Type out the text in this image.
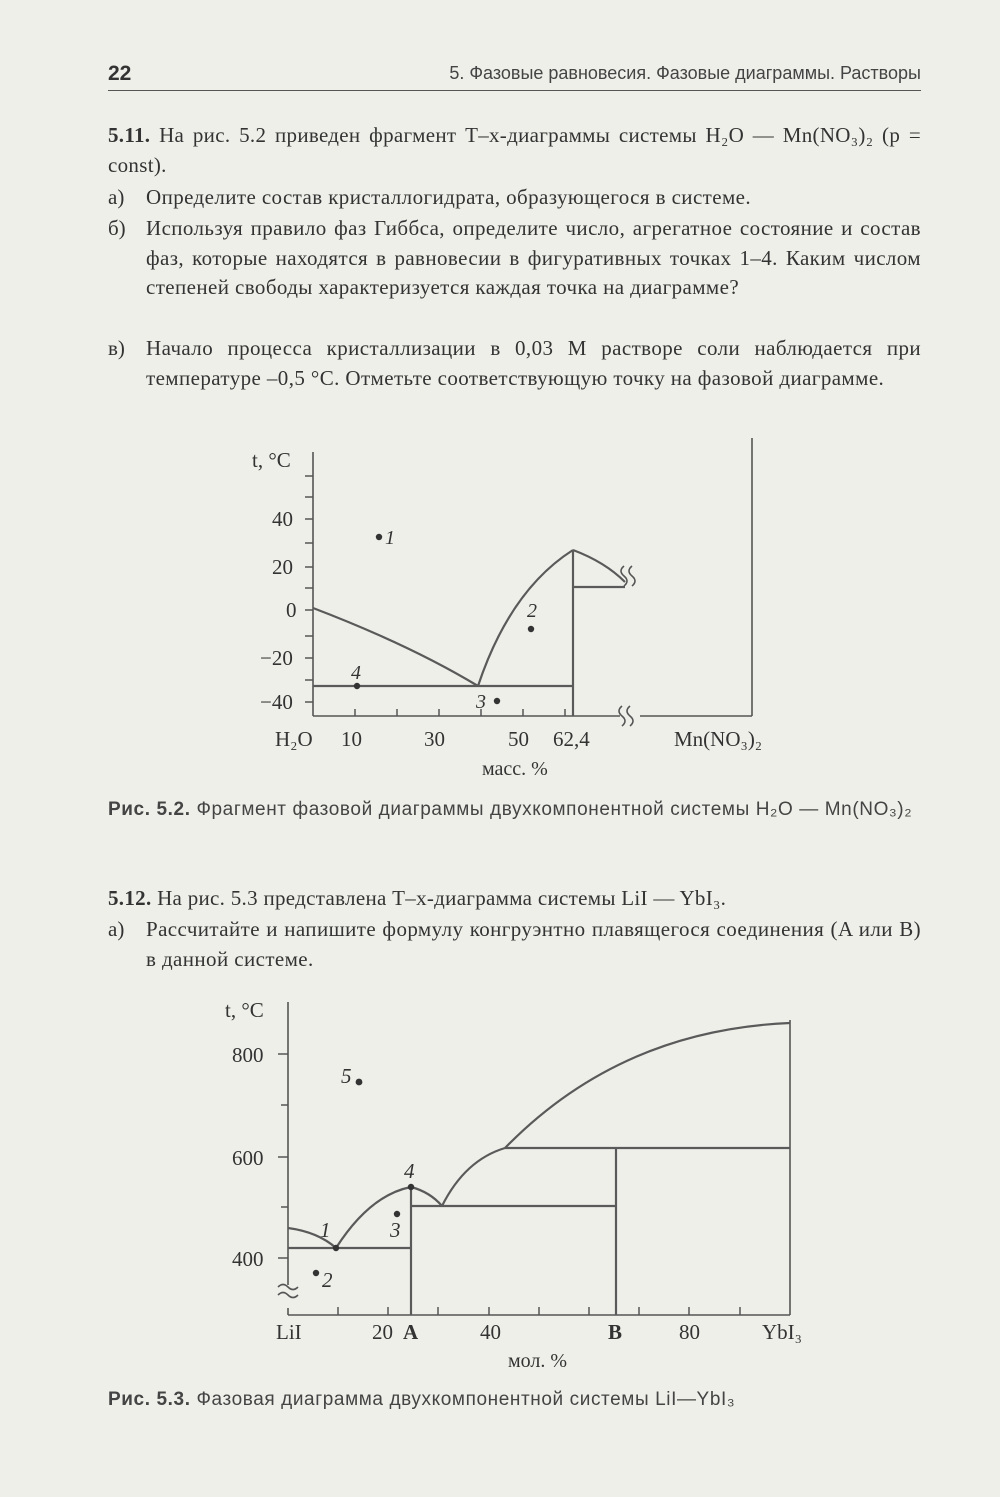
22	5. Фазовые равновесия. Фазовые диаграммы. Растворы
5.11. На рис. 5.2 приведен фрагмент T–x-диаграммы системы H₂O — Mn(NO₃)₂ (p = const).
а) Определите состав кристаллогидрата, образующегося в системе.
б) Используя правило фаз Гиббса, определите число, агрегатное состояние и состав фаз, которые находятся в равновесии в фигуративных точках 1–4. Каким числом степеней свободы характеризуется каждая точка на диаграмме?
в) Начало процесса кристаллизации в 0,03 M растворе соли наблюдается при температуре –0,5 °С. Отметьте соответствующую точку на фазовой диаграмме.
1
2
3
4
t, °C
40
20
0
−20
−40
H₂O 10	30	50 62,4	Mn(NO₃)₂
масс. %
Рис. 5.2. Фрагмент фазовой диаграммы двухкомпонентной системы H₂O — Mn(NO₃)₂
5.12. На рис. 5.3 представлена T–x-диаграмма системы LiI — YbI₃.
а) Рассчитайте и напишите формулу конгруэнтно плавящегося соединения (A или B) в данной системе.
1
2
3
4
5
t, °C
800
600
400
LiI	20 A	40	B	80	YbI₃
мол. %
Рис. 5.3. Фазовая диаграмма двухкомпонентной системы LiI—YbI₃
